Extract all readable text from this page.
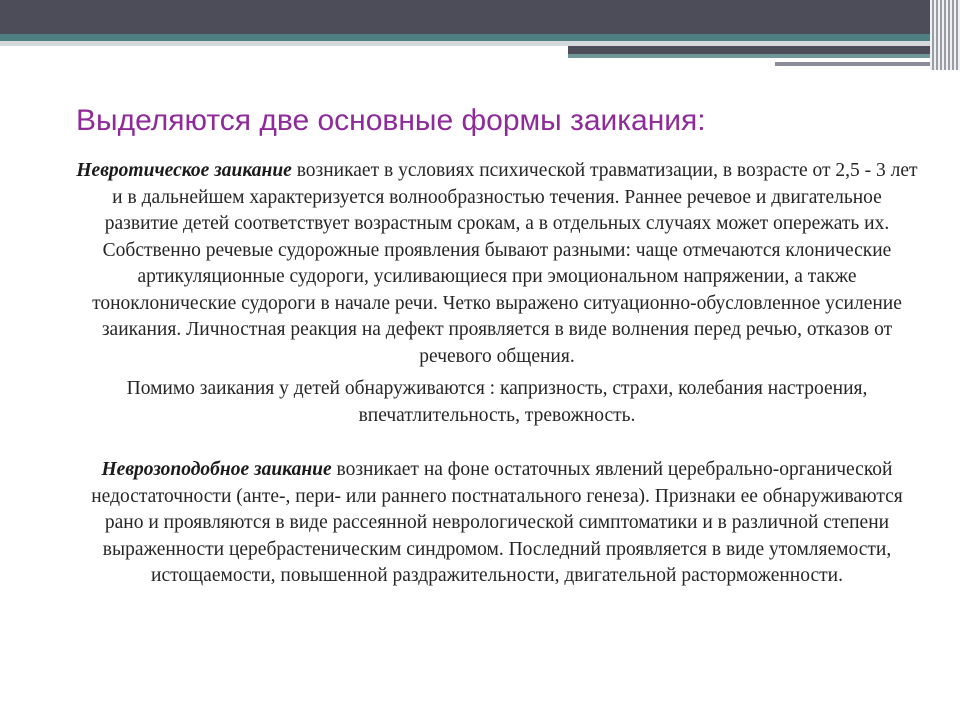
Выделяются две основные формы заикания:

Невротическое заикание возникает в условиях психической травматизации, в возрасте от 2,5 - 3 лет и в дальнейшем характеризуется волнообразностью течения. Раннее речевое и двигательное развитие детей соответствует возрастным срокам, а в отдельных случаях может опережать их. Собственно речевые судорожные проявления бывают разными: чаще отмечаются клонические артикуляционные судороги, усиливающиеся при эмоциональном напряжении, а также тоноклонические судороги в начале речи. Четко выражено ситуационно-обусловленное усиление заикания. Личностная реакция на дефект проявляется в виде волнения перед речью, отказов от речевого общения.

Помимо заикания у детей обнаруживаются : капризность, страхи, колебания настроения, впечатлительность, тревожность.

Неврозоподобное заикание возникает на фоне остаточных явлений церебрально-органической недостаточности (анте-, пери- или раннего постнатального генеза). Признаки ее обнаруживаются рано и проявляются в виде рассеянной неврологической симптоматики и в различной степени выраженности церебрастеническим синдромом. Последний проявляется в виде утомляемости, истощаемости, повышенной раздражительности, двигательной расторможенности.
